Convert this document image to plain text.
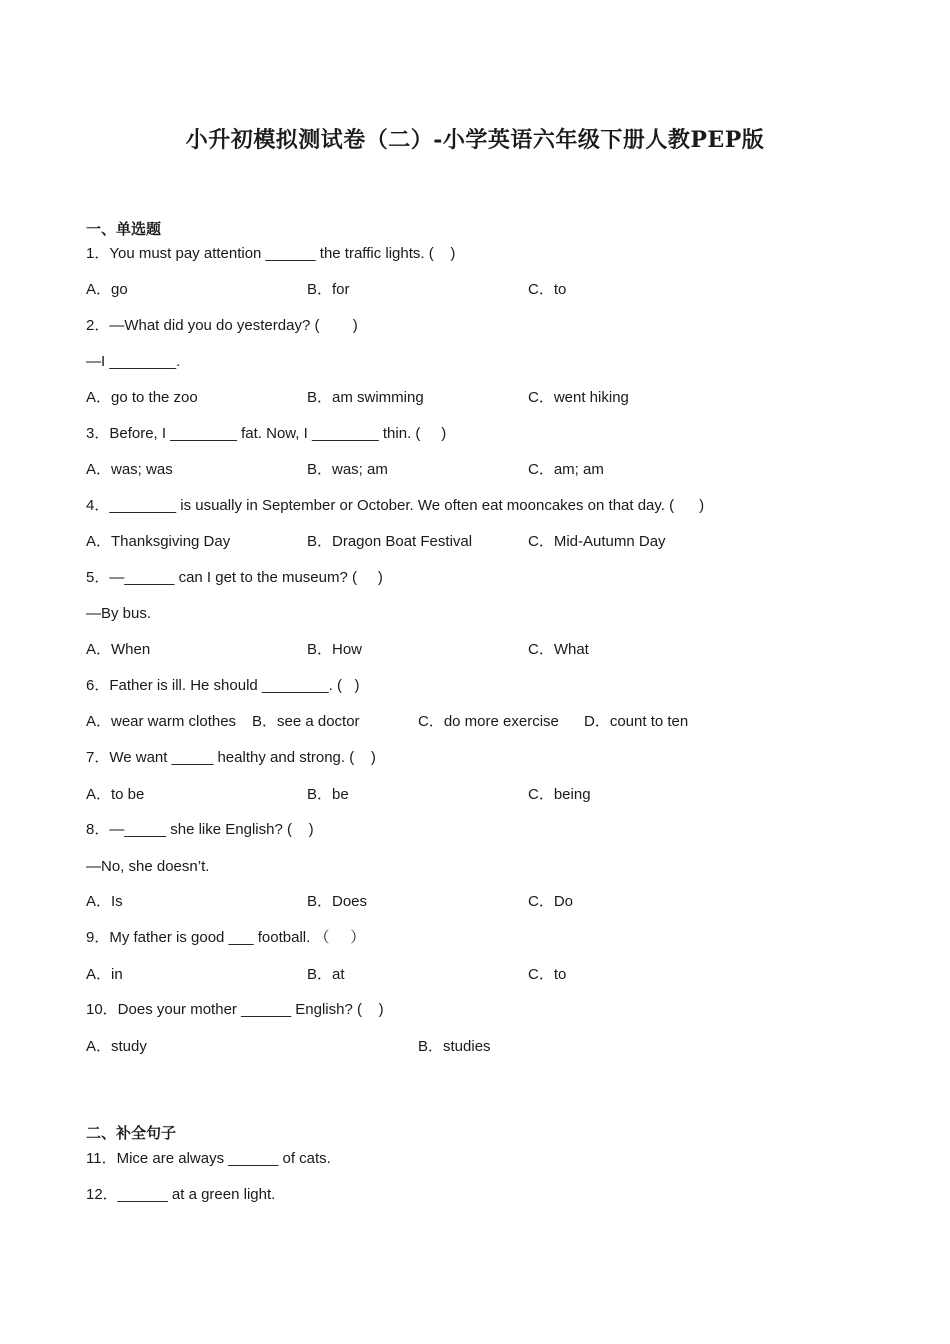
小升初模拟测试卷（二）-小学英语六年级下册人教PEP版
一、单选题
1．You must pay attention ______ the traffic lights. (    )
A．go	B．for	C．to
2．—What did you do yesterday? (        )
—I ________.
A．go to the zoo	B．am swimming	C．went hiking
3．Before, I ________ fat. Now, I ________ thin. (     )
A．was; was	B．was; am	C．am; am
4．________ is usually in September or October. We often eat mooncakes on that day. (      )
A．Thanksgiving Day	B．Dragon Boat Festival	C．Mid-Autumn Day
5．—______ can I get to the museum? (     )
—By bus.
A．When	B．How	C．What
6．Father is ill. He should ________. (   )
A．wear warm clothes B．see a doctor	C．do more exercise D．count to ten
7．We want _____ healthy and strong. (    )
A．to be	B．be	C．being
8．—_____ she like English? (    )
—No, she doesn’t.
A．Is	B．Does	C．Do
9．My father is good ___ football. （     ）
A．in	B．at	C．to
10．Does your mother ______ English? (    )
A．study	B．studies
二、补全句子
11．Mice are always ______ of cats.
12．______ at a green light.
